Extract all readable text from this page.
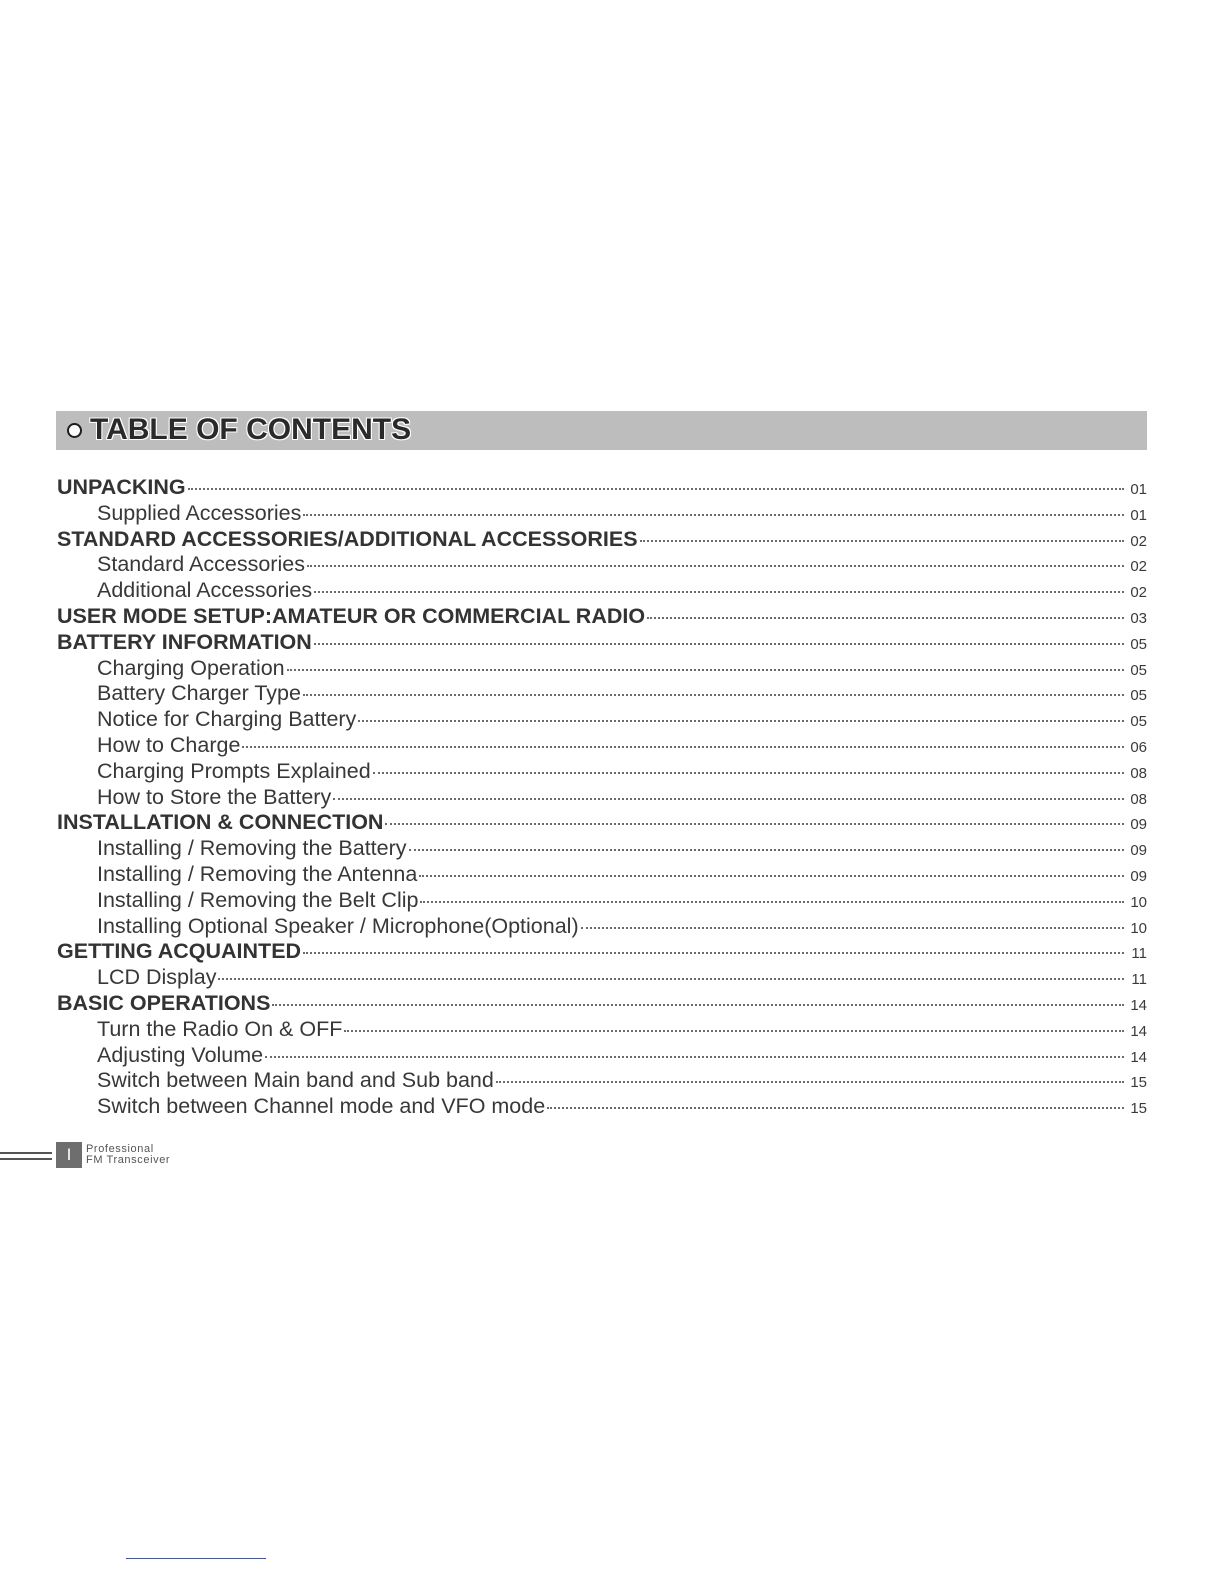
TABLE OF CONTENTS
UNPACKING	01
Supplied Accessories	01
STANDARD ACCESSORIES/ADDITIONAL ACCESSORIES	02
Standard Accessories	02
Additional Accessories	02
USER MODE SETUP:AMATEUR OR COMMERCIAL RADIO	03
BATTERY INFORMATION	05
Charging Operation	05
Battery Charger Type	05
Notice for Charging Battery	05
How to Charge	06
Charging Prompts Explained	08
How to Store the Battery	08
INSTALLATION & CONNECTION	09
Installing / Removing the Battery	09
Installing / Removing the Antenna	09
Installing / Removing the Belt Clip	10
Installing Optional Speaker / Microphone(Optional)	10
GETTING ACQUAINTED	11
LCD Display	11
BASIC OPERATIONS	14
Turn the Radio On & OFF	14
Adjusting Volume	14
Switch between Main band and Sub band	15
Switch between Channel mode and VFO mode	15
I	Professional
FM Transceiver
